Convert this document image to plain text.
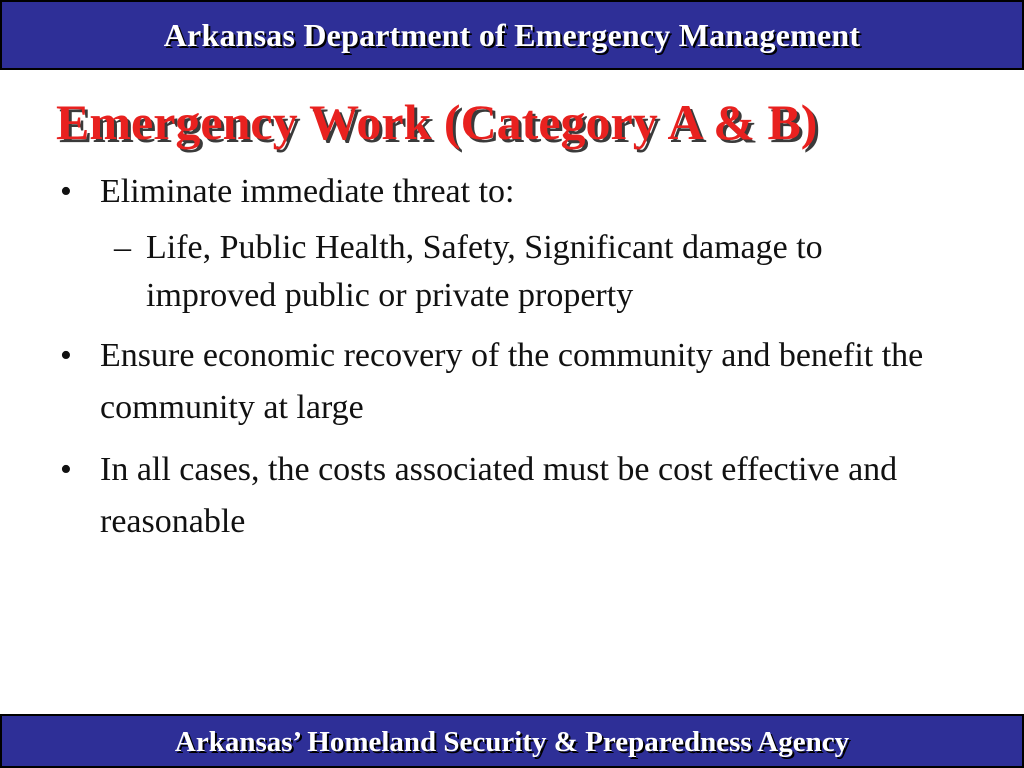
Arkansas Department of Emergency Management
Emergency Work (Category A & B)
• Eliminate immediate threat to:
– Life, Public Health, Safety, Significant damage to improved public or private property
• Ensure economic recovery of the community and benefit the community at large
• In all cases, the costs associated must be cost effective and reasonable
Arkansas’ Homeland Security & Preparedness Agency
